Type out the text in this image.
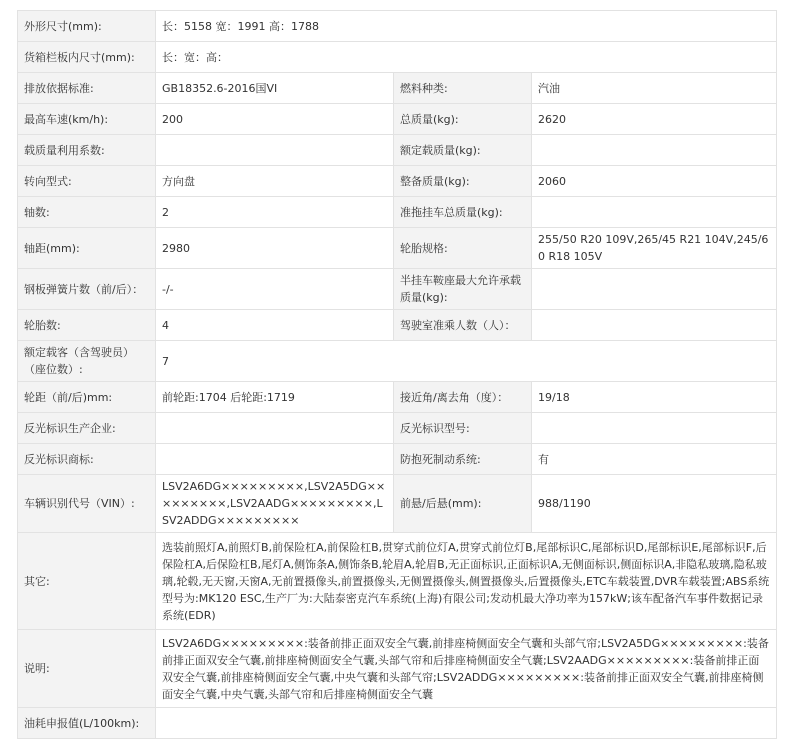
外形尺寸(mm):	长：5158 宽：1991 高：1788		
货箱栏板内尺寸(mm):	长：宽：高：		
排放依据标准:	GB18352.6-2016国VI	燃料种类:	汽油
最高车速(km/h):	200	总质量(kg):	2620
载质量利用系数:		额定载质量(kg):	
转向型式:	方向盘	整备质量(kg):	2060
轴数:	2	准拖挂车总质量(kg):	
轴距(mm):	2980	轮胎规格:	255/50 R20 109V,265/45 R21 104V,245/60 R18 105V
钢板弹簧片数（前/后）：	-/-	半挂车鞍座最大允许承载质量(kg):	
轮胎数:	4	驾驶室准乘人数（人）：	
额定载客（含驾驶员）（座位数）:	7		
轮距（前/后)mm:	前轮距:1704 后轮距:1719	接近角/离去角（度）：	19/18
反光标识生产企业:		反光标识型号:	
反光标识商标:		防抱死制动系统:	有
车辆识别代号（VIN）:	LSV2A6DG×××××××××,LSV2A5DG×××××××××,LSV2AADG×××××××××,LSV2ADDG×××××××××	前悬/后悬(mm):	988/1190
其它:	选装前照灯A,前照灯B,前保险杠A,前保险杠B,贯穿式前位灯A,贯穿式前位灯B,尾部标识C,尾部标识D,尾部标识E,尾部标识F,后保险杠A,后保险杠B,尾灯A,侧饰条A,侧饰条B,轮眉A,轮眉B,无正面标识,正面标识A,无侧面标识,侧面标识A,非隐私玻璃,隐私玻璃,轮毂,无天窗,天窗A,无前置摄像头,前置摄像头,无侧置摄像头,侧置摄像头,后置摄像头,ETC车载装置,DVR车载装置;ABS系统型号为:MK120 ESC,生产厂为:大陆泰密克汽车系统(上海)有限公司;发动机最大净功率为157kW;该车配备汽车事件数据记录系统(EDR)		
说明:	LSV2A6DG×××××××××:装备前排正面双安全气囊,前排座椅侧面安全气囊和头部气帘;LSV2A5DG×××××××××:装备前排正面双安全气囊,前排座椅侧面安全气囊,头部气帘和后排座椅侧面安全气囊;LSV2AADG×××××××××:装备前排正面双安全气囊,前排座椅侧面安全气囊,中央气囊和头部气帘;LSV2ADDG×××××××××:装备前排正面双安全气囊,前排座椅侧面安全气囊,中央气囊,头部气帘和后排座椅侧面安全气囊		
油耗申报值(L/100km):			
